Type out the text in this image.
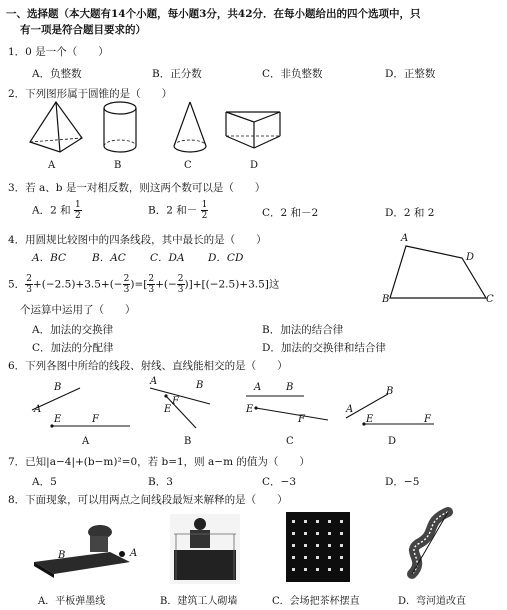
一、选择题（本大题有14个小题，每小题3分，共42分．在每小题给出的四个选项中，只
有一项是符合题目要求的）
1．0 是一个（　　）
A．负整数	B．正分数	C．非负整数	D．正整数
2．下列图形属于圆锥的是（　　）
A	B	C	D
3．若 a、b 是一对相反数，则这两个数可以是（　　）
A．2 和 $\frac{1}{2}$	B．2 和－ $\frac{1}{2}$	C．2 和－2	D．2 和 2
4．用圆规比较图中的四条线段，其中最长的是（　　）
A．BC B．AC C．DA D．CD
A
D
B	C
5． $\frac{2}{3} +(-2.5)+3.5+(- \frac{2}{3}$ )=[ $\frac{2}{3}$ +(− $\frac{2}{3} )]+[(-2.5)+3.5]$这
个运算中运用了（　　）
A．加法的交换律	B．加法的结合律
C．加法的分配律	D．加法的交换律和结合律
6．下列各图中所给的线段、射线、直线能相交的是（　　）
A
B
E	F
A	B
E
F
A B
E
F
A
B
E	F
A	B	C	D
7．已知|a−4|+(b−m)²=0，若 b=1，则 a−m 的值为（　　）
A．5	B．3	C．−3	D．−5
8．下面现象，可以用两点之间线段最短来解释的是（　　）
B	A
A．平板弹墨线	B．建筑工人砌墙	C．会场把茶杯摆直	D．弯河道改直
